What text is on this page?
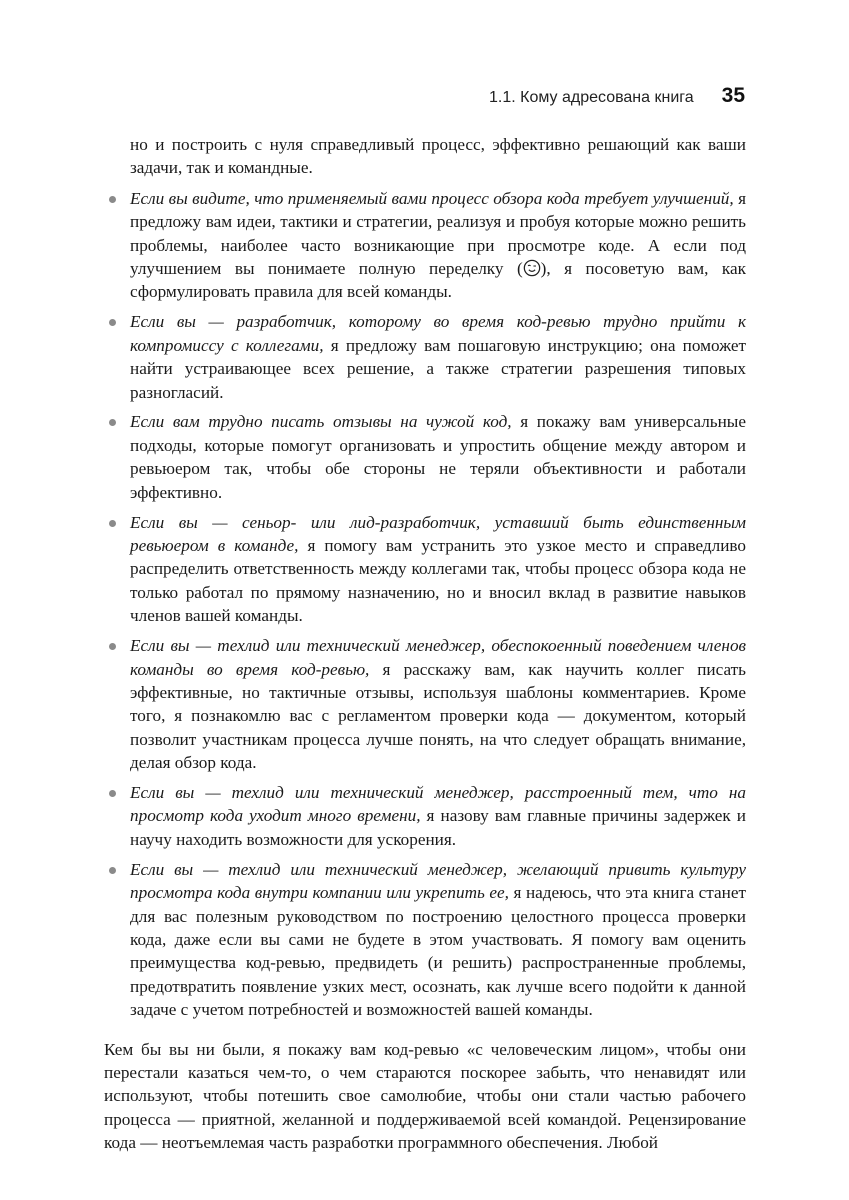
1.1. Кому адресована книга 35

но и построить с нуля справедливый процесс, эффективно решающий как ваши задачи, так и командные.

Если вы видите, что применяемый вами процесс обзора кода требует улучшений, я предложу вам идеи, тактики и стратегии, реализуя и пробуя которые можно решить проблемы, наиболее часто возникающие при просмотре коде. А если под улучшением вы понимаете полную переделку ( ), я посоветую вам, как сформулировать правила для всей команды.
Если вы — разработчик, которому во время код-ревью трудно прийти к компромиссу с коллегами, я предложу вам пошаговую инструкцию; она поможет найти устраивающее всех решение, а также стратегии разрешения типовых разногласий.
Если вам трудно писать отзывы на чужой код, я покажу вам универсальные подходы, которые помогут организовать и упростить общение между автором и ревьюером так, чтобы обе стороны не теряли объективности и работали эффективно.
Если вы — сеньор- или лид-разработчик, уставший быть единственным ревьюером в команде, я помогу вам устранить это узкое место и справедливо распределить ответственность между коллегами так, чтобы процесс обзора кода не только работал по прямому назначению, но и вносил вклад в развитие навыков членов вашей команды.
Если вы — техлид или технический менеджер, обеспокоенный поведением членов команды во время код-ревью, я расскажу вам, как научить коллег писать эффективные, но тактичные отзывы, используя шаблоны комментариев. Кроме того, я познакомлю вас с регламентом проверки кода — документом, который позволит участникам процесса лучше понять, на что следует обращать внимание, делая обзор кода.
Если вы — техлид или технический менеджер, расстроенный тем, что на просмотр кода уходит много времени, я назову вам главные причины задержек и научу находить возможности для ускорения.
Если вы — техлид или технический менеджер, желающий привить культуру просмотра кода внутри компании или укрепить ее, я надеюсь, что эта книга станет для вас полезным руководством по построению целостного процесса проверки кода, даже если вы сами не будете в этом участвовать. Я помогу вам оценить преимущества код-ревью, предвидеть (и решить) распространенные проблемы, предотвратить появление узких мест, осознать, как лучше всего подойти к данной задаче с учетом потребностей и возможностей вашей команды.

Кем бы вы ни были, я покажу вам код-ревью «с человеческим лицом», чтобы они перестали казаться чем-то, о чем стараются поскорее забыть, что ненавидят или используют, чтобы потешить свое самолюбие, чтобы они стали частью рабочего процесса — приятной, желанной и поддерживаемой всей командой. Рецензирование кода — неотъемлемая часть разработки программного обеспечения. Любой
